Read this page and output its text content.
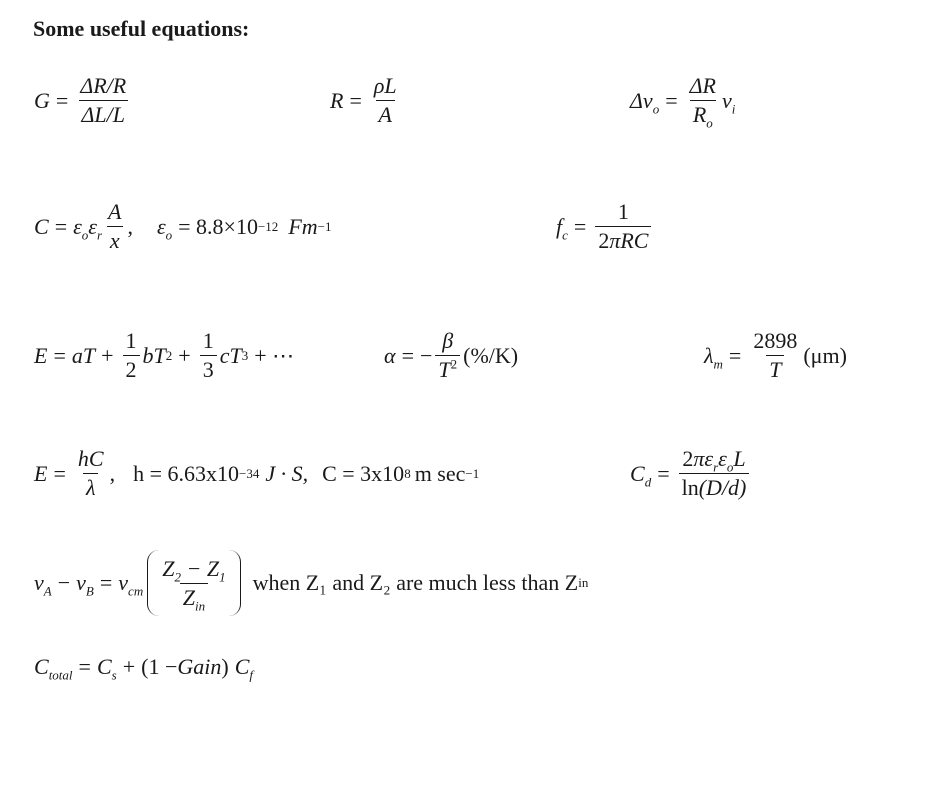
Some useful equations:
$G = \frac{\Delta R/R}{\Delta L/L}$	$R = \frac{\rho L}{A}$	$\Delta v_o = \frac{\Delta R}{R_o} v_i$
$C = \varepsilon_o\varepsilon_r \frac{A}{x}$ , $\varepsilon_o = 8.8\times 10 -12$ Fm −1	$f_c = \frac{1}{\text{2πRC}}$
E = aT + $\frac{1}{2}$ bT $2 + \frac{1}{3}$ cT 3 + ⋯	α = − $\frac{\beta}{T^2} (\%/K)$	$\lambda_m = \frac{2898}{T} (\mu m)$
$E = \frac{hC}{\lambda}$ , h = 6.63x10 −34 J · S, C = 3x10 8 m sec −1	$C_d = \frac{2\pi\varepsilon_r\varepsilon_oL}{\ln(D/d)}$
$v_A - v_B = v_{cm} \frac{Z_2 - Z_1}{Z_{in}}$ when Z₁ and Z₂ are much less than Z in
$C_{total} = C_s + (1$ − Gain ) $C_f$
